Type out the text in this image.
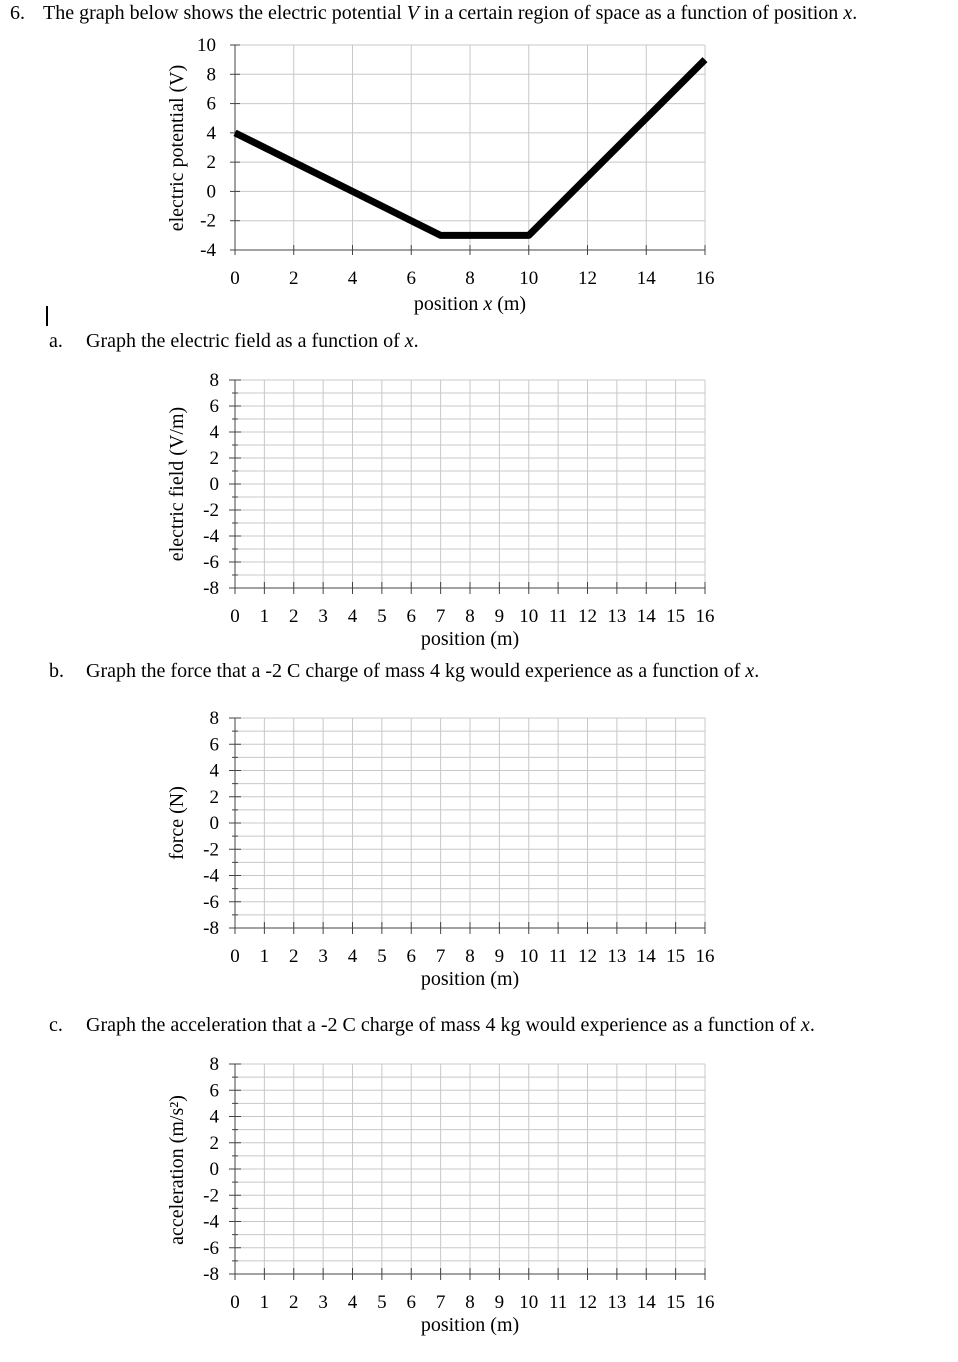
6. The graph below shows the electric potential V in a certain region of space as a function of position x.
a. Graph the electric field as a function of x.
b. Graph the force that a -2 C charge of mass 4 kg would experience as a function of x.
c. Graph the acceleration that a -2 C charge of mass 4 kg would experience as a function of x.
10
8
6
4
2
0
-2
-4
0	2	4	6	8 10 12 14 16
electric potential (V)
position x (m)
8
6
4
2
0
-2
-4
-6
-8
0 1 2 3 4 5 6 7 8 9 10 11 12 13 14 15 16
electric field (V/m)
position (m)
8
6
4
2
0
-2
-4
-6
-8
0 1 2 3 4 5 6 7 8 9 10 11 12 13 14 15 16
force (N)
position (m)
8
6
4
2
0
-2
-4
-6
-8
0 1 2 3 4 5 6 7 8 9 10 11 12 13 14 15 16
acceleration (m/s²)
position (m)
